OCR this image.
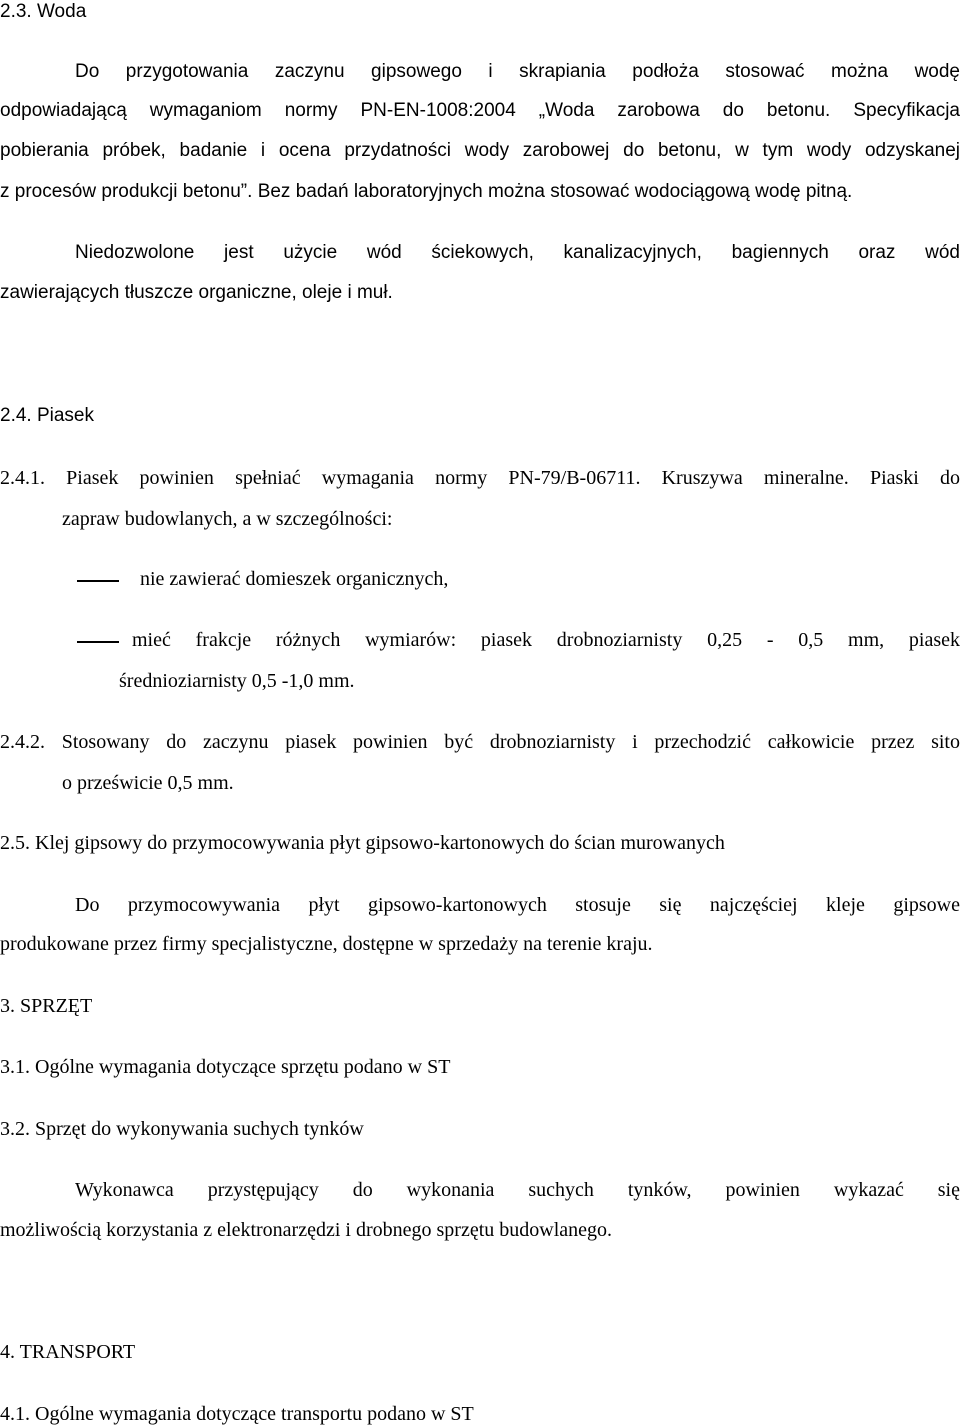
2.3. Woda
Do przygotowania zaczynu gipsowego i skrapiania podłoża stosować można wodę
odpowiadającą wymaganiom normy PN-EN-1008:2004 „Woda zarobowa do betonu. Specyfikacja
pobierania próbek, badanie i ocena przydatności wody zarobowej do betonu, w tym wody odzyskanej
z procesów produkcji betonu”. Bez badań laboratoryjnych można stosować wodociągową wodę pitną.
Niedozwolone jest użycie wód ściekowych, kanalizacyjnych, bagiennych oraz wód
zawierających tłuszcze organiczne, oleje i muł.
2.4. Piasek
2.4.1. Piasek powinien spełniać wymagania normy PN-79/B-06711. Kruszywa mineralne. Piaski do
zapraw budowlanych, a w szczególności:
nie zawierać domieszek organicznych,
mieć frakcje różnych wymiarów: piasek drobnoziarnisty 0,25 - 0,5 mm, piasek
średnioziarnisty 0,5 -1,0 mm.
2.4.2. Stosowany do zaczynu piasek powinien być drobnoziarnisty i przechodzić całkowicie przez sito
o prześwicie 0,5 mm.
2.5. Klej gipsowy do przymocowywania płyt gipsowo-kartonowych do ścian murowanych
Do przymocowywania płyt gipsowo-kartonowych stosuje się najczęściej kleje gipsowe
produkowane przez firmy specjalistyczne, dostępne w sprzedaży na terenie kraju.
3. SPRZĘT
3.1. Ogólne wymagania dotyczące sprzętu podano w ST
3.2. Sprzęt do wykonywania suchych tynków
Wykonawca przystępujący do wykonania suchych tynków, powinien wykazać się
możliwością korzystania z elektronarzędzi i drobnego sprzętu budowlanego.
4. TRANSPORT
4.1. Ogólne wymagania dotyczące transportu podano w ST
